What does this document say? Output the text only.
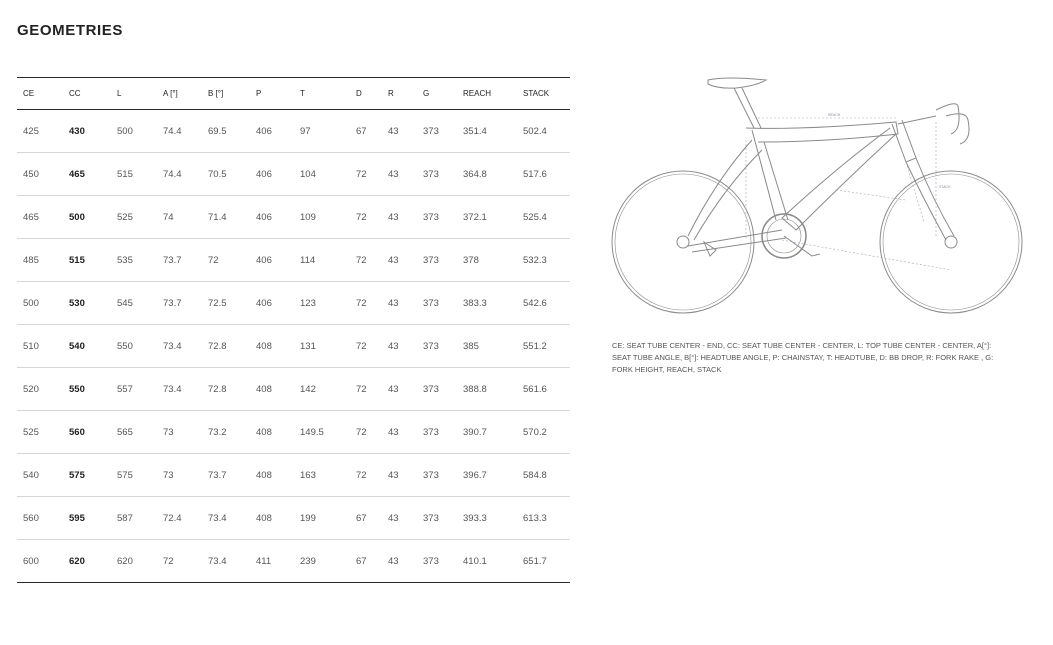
GEOMETRIES
CE	CC	L	A [°]	B [°]	P	T	D	R	G	REACH	STACK
425	430	500	74.4	69.5	406	97	67	43	373	351.4	502.4
450	465	515	74.4	70.5	406	104	72	43	373	364.8	517.6
465	500	525	74	71.4	406	109	72	43	373	372.1	525.4
485	515	535	73.7	72	406	114	72	43	373	378	532.3
500	530	545	73.7	72.5	406	123	72	43	373	383.3	542.6
510	540	550	73.4	72.8	408	131	72	43	373	385	551.2
520	550	557	73.4	72.8	408	142	72	43	373	388.8	561.6
525	560	565	73	73.2	408	149.5	72	43	373	390.7	570.2
540	575	575	73	73.7	408	163	72	43	373	396.7	584.8
560	595	587	72.4	73.4	408	199	67	43	373	393.3	613.3
600	620	620	72	73.4	411	239	67	43	373	410.1	651.7
REACH
STACK
CE: SEAT TUBE CENTER - END, CC: SEAT TUBE CENTER - CENTER, L: TOP TUBE CENTER - CENTER, A[°]: SEAT TUBE ANGLE, B[°]: HEADTUBE ANGLE, P: CHAINSTAY, T: HEADTUBE, D: BB DROP, R: FORK RAKE , G: FORK HEIGHT, REACH, STACK
